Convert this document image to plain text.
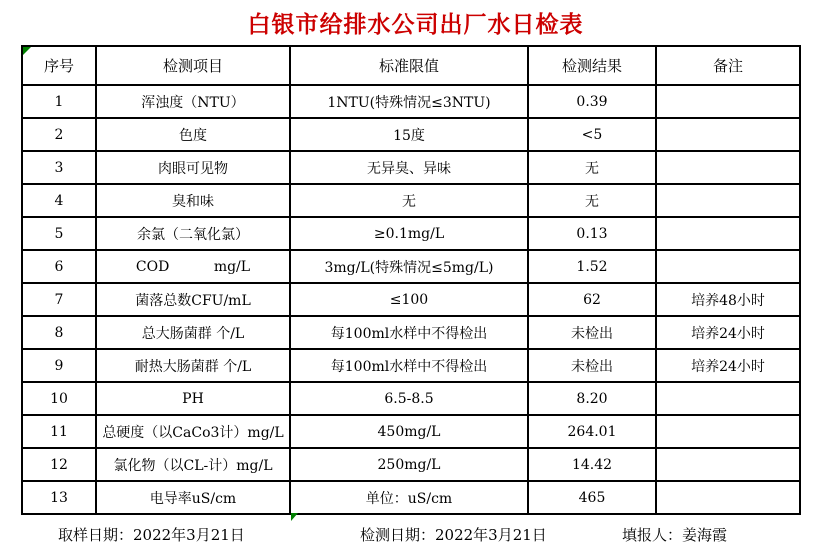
白银市给排水公司出厂水日检表
序号	检测项目	标准限值	检测结果	备注
1	浑浊度（NTU）	1NTU(特殊情况≤3NTU)	0.39	
2	色度	15度	<5	
3	肉眼可见物	无异臭、异味	无	
4	臭和味	无	无	
5	余氯（二氧化氯）	≥0.1mg/L	0.13	
6	COD          mg/L	3mg/L(特殊情况≤5mg/L)	1.52	
7	菌落总数CFU/mL	≤100	62	培养48小时
8	总大肠菌群 个/L	每100ml水样中不得检出	未检出	培养24小时
9	耐热大肠菌群 个/L	每100ml水样中不得检出	未检出	培养24小时
10	PH	6.5-8.5	8.20	
11	总硬度（以CaCo3计）mg/L	450mg/L	264.01	
12	氯化物（以CL-计）mg/L	250mg/L	14.42	
13	电导率uS/cm	单位：uS/cm	465	
取样日期：2022年3月21日	检测日期：2022年3月21日	填报人：姜海霞
